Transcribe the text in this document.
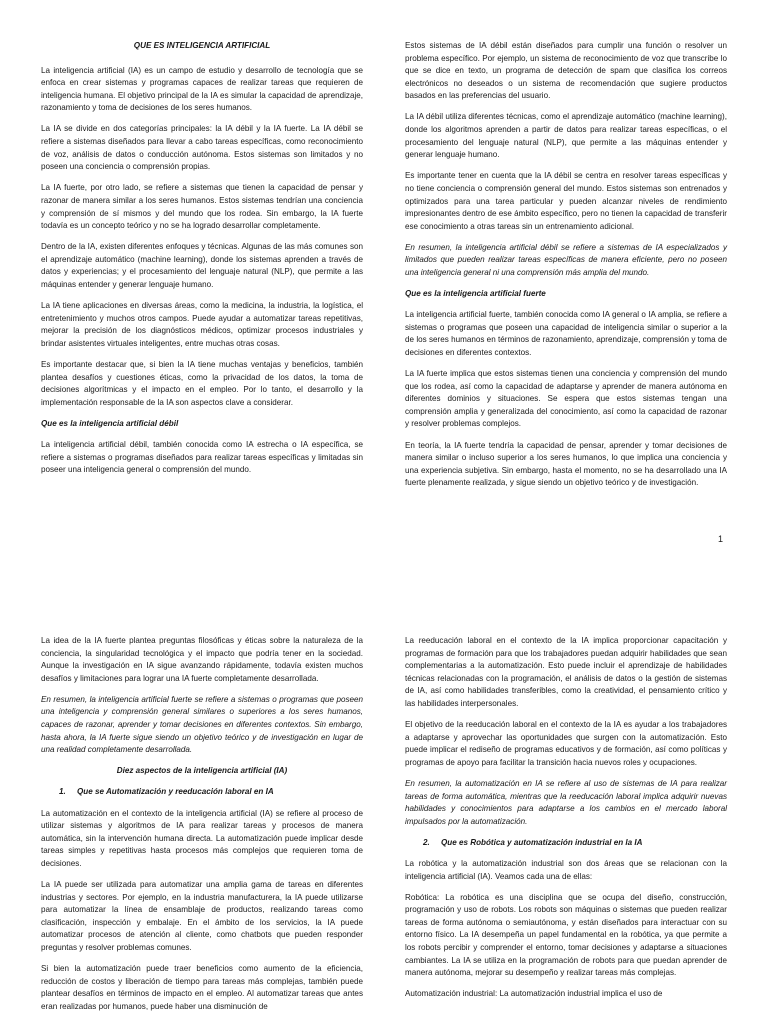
QUE ES INTELIGENCIA ARTIFICIAL

La inteligencia artificial (IA) es un campo de estudio y desarrollo de tecnología que se enfoca en crear sistemas y programas capaces de realizar tareas que requieren de inteligencia humana. El objetivo principal de la IA es simular la capacidad de aprendizaje, razonamiento y toma de decisiones de los seres humanos.

La IA se divide en dos categorías principales: la IA débil y la IA fuerte. La IA débil se refiere a sistemas diseñados para llevar a cabo tareas específicas, como reconocimiento de voz, análisis de datos o conducción autónoma. Estos sistemas son limitados y no poseen una conciencia o comprensión propias.

La IA fuerte, por otro lado, se refiere a sistemas que tienen la capacidad de pensar y razonar de manera similar a los seres humanos. Estos sistemas tendrían una conciencia y comprensión de sí mismos y del mundo que los rodea. Sin embargo, la IA fuerte todavía es un concepto teórico y no se ha logrado desarrollar completamente.

Dentro de la IA, existen diferentes enfoques y técnicas. Algunas de las más comunes son el aprendizaje automático (machine learning), donde los sistemas aprenden a través de datos y experiencias; y el procesamiento del lenguaje natural (NLP), que permite a las máquinas entender y generar lenguaje humano.

La IA tiene aplicaciones en diversas áreas, como la medicina, la industria, la logística, el entretenimiento y muchos otros campos. Puede ayudar a automatizar tareas repetitivas, mejorar la precisión de los diagnósticos médicos, optimizar procesos industriales y brindar asistentes virtuales inteligentes, entre muchas otras cosas.

Es importante destacar que, si bien la IA tiene muchas ventajas y beneficios, también plantea desafíos y cuestiones éticas, como la privacidad de los datos, la toma de decisiones algorítmicas y el impacto en el empleo. Por lo tanto, el desarrollo y la implementación responsable de la IA son aspectos clave a considerar.

Que es la inteligencia artificial débil

La inteligencia artificial débil, también conocida como IA estrecha o IA específica, se refiere a sistemas o programas diseñados para realizar tareas específicas y limitadas sin poseer una inteligencia general o comprensión del mundo.

Estos sistemas de IA débil están diseñados para cumplir una función o resolver un problema específico. Por ejemplo, un sistema de reconocimiento de voz que transcribe lo que se dice en texto, un programa de detección de spam que clasifica los correos electrónicos no deseados o un sistema de recomendación que sugiere productos basados en las preferencias del usuario.

La IA débil utiliza diferentes técnicas, como el aprendizaje automático (machine learning), donde los algoritmos aprenden a partir de datos para realizar tareas específicas, o el procesamiento del lenguaje natural (NLP), que permite a las máquinas entender y generar lenguaje humano.

Es importante tener en cuenta que la IA débil se centra en resolver tareas específicas y no tiene conciencia o comprensión general del mundo. Estos sistemas son entrenados y optimizados para una tarea particular y pueden alcanzar niveles de rendimiento impresionantes dentro de ese ámbito específico, pero no tienen la capacidad de transferir ese conocimiento a otras tareas sin un entrenamiento adicional.

En resumen, la inteligencia artificial débil se refiere a sistemas de IA especializados y limitados que pueden realizar tareas específicas de manera eficiente, pero no poseen una inteligencia general ni una comprensión más amplia del mundo.

Que es la inteligencia artificial fuerte

La inteligencia artificial fuerte, también conocida como IA general o IA amplia, se refiere a sistemas o programas que poseen una capacidad de inteligencia similar o superior a la de los seres humanos en términos de razonamiento, aprendizaje, comprensión y toma de decisiones en diferentes contextos.

La IA fuerte implica que estos sistemas tienen una conciencia y comprensión del mundo que los rodea, así como la capacidad de adaptarse y aprender de manera autónoma en diferentes dominios y situaciones. Se espera que estos sistemas tengan una comprensión amplia y generalizada del conocimiento, así como la capacidad de razonar y resolver problemas complejos.

En teoría, la IA fuerte tendría la capacidad de pensar, aprender y tomar decisiones de manera similar o incluso superior a los seres humanos, lo que implica una conciencia y una experiencia subjetiva. Sin embargo, hasta el momento, no se ha desarrollado una IA fuerte plenamente realizada, y sigue siendo un objetivo teórico y de investigación.

1

La idea de la IA fuerte plantea preguntas filosóficas y éticas sobre la naturaleza de la conciencia, la singularidad tecnológica y el impacto que podría tener en la sociedad. Aunque la investigación en IA sigue avanzando rápidamente, todavía existen muchos desafíos y limitaciones para lograr una IA fuerte completamente desarrollada.

En resumen, la inteligencia artificial fuerte se refiere a sistemas o programas que poseen una inteligencia y comprensión general similares o superiores a los seres humanos, capaces de razonar, aprender y tomar decisiones en diferentes contextos. Sin embargo, hasta ahora, la IA fuerte sigue siendo un objetivo teórico y de investigación en lugar de una realidad completamente desarrollada.

Diez aspectos de la inteligencia artificial (IA)

1. Que se Automatización y reeducación laboral en IA

La automatización en el contexto de la inteligencia artificial (IA) se refiere al proceso de utilizar sistemas y algoritmos de IA para realizar tareas y procesos de manera automática, sin la intervención humana directa. La automatización puede implicar desde tareas simples y repetitivas hasta procesos más complejos que requieren toma de decisiones.

La IA puede ser utilizada para automatizar una amplia gama de tareas en diferentes industrias y sectores. Por ejemplo, en la industria manufacturera, la IA puede utilizarse para automatizar la línea de ensamblaje de productos, realizando tareas como clasificación, inspección y embalaje. En el ámbito de los servicios, la IA puede automatizar procesos de atención al cliente, como chatbots que pueden responder preguntas y resolver problemas comunes.

Si bien la automatización puede traer beneficios como aumento de la eficiencia, reducción de costos y liberación de tiempo para tareas más complejas, también puede plantear desafíos en términos de impacto en el empleo. Al automatizar tareas que antes eran realizadas por humanos, puede haber una disminución de

La reeducación laboral en el contexto de la IA implica proporcionar capacitación y programas de formación para que los trabajadores puedan adquirir habilidades que sean complementarias a la automatización. Esto puede incluir el aprendizaje de habilidades técnicas relacionadas con la programación, el análisis de datos o la gestión de sistemas de IA, así como habilidades transferibles, como la creatividad, el pensamiento crítico y las habilidades interpersonales.

El objetivo de la reeducación laboral en el contexto de la IA es ayudar a los trabajadores a adaptarse y aprovechar las oportunidades que surgen con la automatización. Esto puede implicar el rediseño de programas educativos y de formación, así como políticas y programas de apoyo para facilitar la transición hacia nuevos roles y ocupaciones.

En resumen, la automatización en IA se refiere al uso de sistemas de IA para realizar tareas de forma automática, mientras que la reeducación laboral implica adquirir nuevas habilidades y conocimientos para adaptarse a los cambios en el mercado laboral impulsados por la automatización.

2. Que es Robótica y automatización industrial en la IA

La robótica y la automatización industrial son dos áreas que se relacionan con la inteligencia artificial (IA). Veamos cada una de ellas:

Robótica: La robótica es una disciplina que se ocupa del diseño, construcción, programación y uso de robots. Los robots son máquinas o sistemas que pueden realizar tareas de forma autónoma o semiautónoma, y están diseñados para interactuar con su entorno físico. La IA desempeña un papel fundamental en la robótica, ya que permite a los robots percibir y comprender el entorno, tomar decisiones y adaptarse a situaciones cambiantes. La IA se utiliza en la programación de robots para que puedan aprender de manera autónoma, mejorar su desempeño y realizar tareas más complejas.

Automatización industrial: La automatización industrial implica el uso de
